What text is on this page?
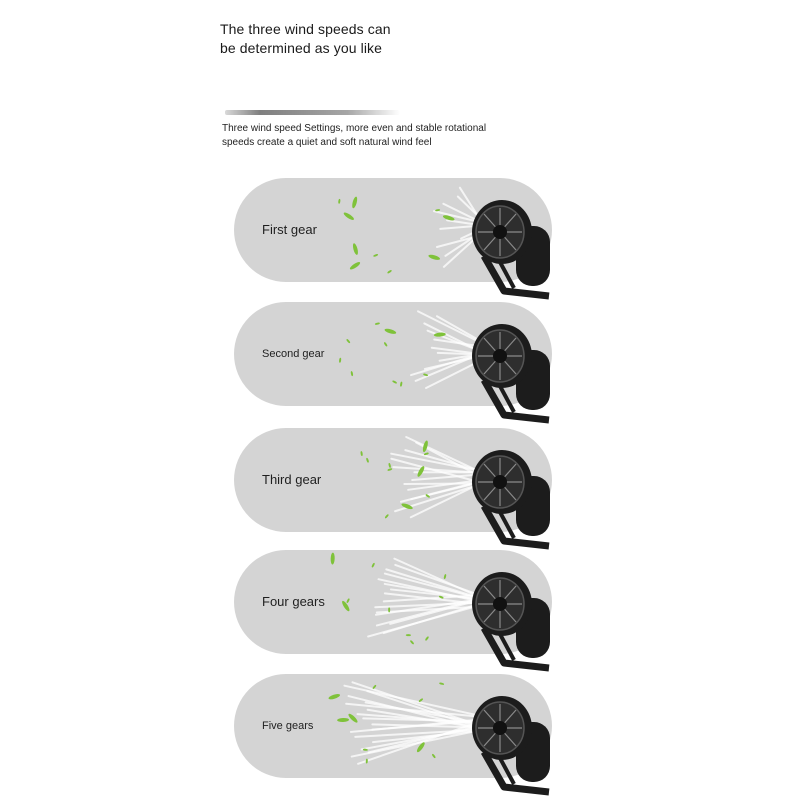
The three wind speeds can be determined as you like

Three wind speed Settings, more even and stable rotational speeds create a quiet and soft natural wind feel

First gear
Second gear
Third gear
Four gears
Five gears
